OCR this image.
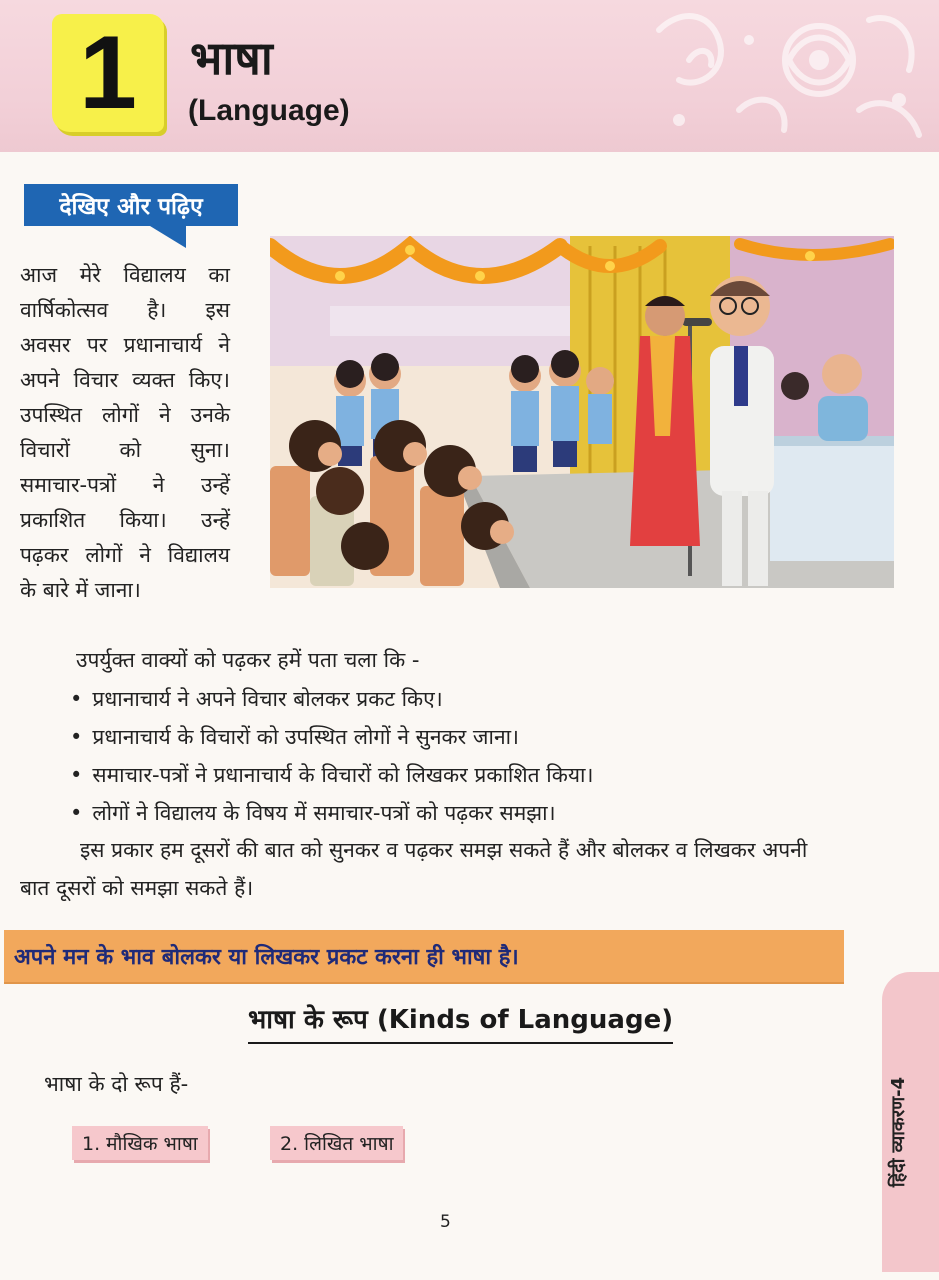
1 भाषा
(Language)
देखिए और पढ़िए
आज मेरे विद्यालय का
वार्षिकोत्सव है। इस
अवसर पर प्रधानाचार्य ने
अपने विचार व्यक्त किए।
उपस्थित लोगों ने उनके
विचारों को सुना।
समाचार-पत्रों ने उन्हें
प्रकाशित किया। उन्हें
पढ़कर लोगों ने विद्यालय
के बारे में जाना।
उपर्युक्त वाक्यों को पढ़कर हमें पता चला कि -
• प्रधानाचार्य ने अपने विचार बोलकर प्रकट किए।
• प्रधानाचार्य के विचारों को उपस्थित लोगों ने सुनकर जाना।
• समाचार-पत्रों ने प्रधानाचार्य के विचारों को लिखकर प्रकाशित किया।
• लोगों ने विद्यालय के विषय में समाचार-पत्रों को पढ़कर समझा।
इस प्रकार हम दूसरों की बात को सुनकर व पढ़कर समझ सकते हैं और बोलकर व लिखकर अपनी
बात दूसरों को समझा सकते हैं।
अपने मन के भाव बोलकर या लिखकर प्रकट करना ही भाषा है।
भाषा के रूप (Kinds of Language)
भाषा के दो रूप हैं-
1. मौखिक भाषा	2. लिखित भाषा	हिंदी व्याकरण-4
5
